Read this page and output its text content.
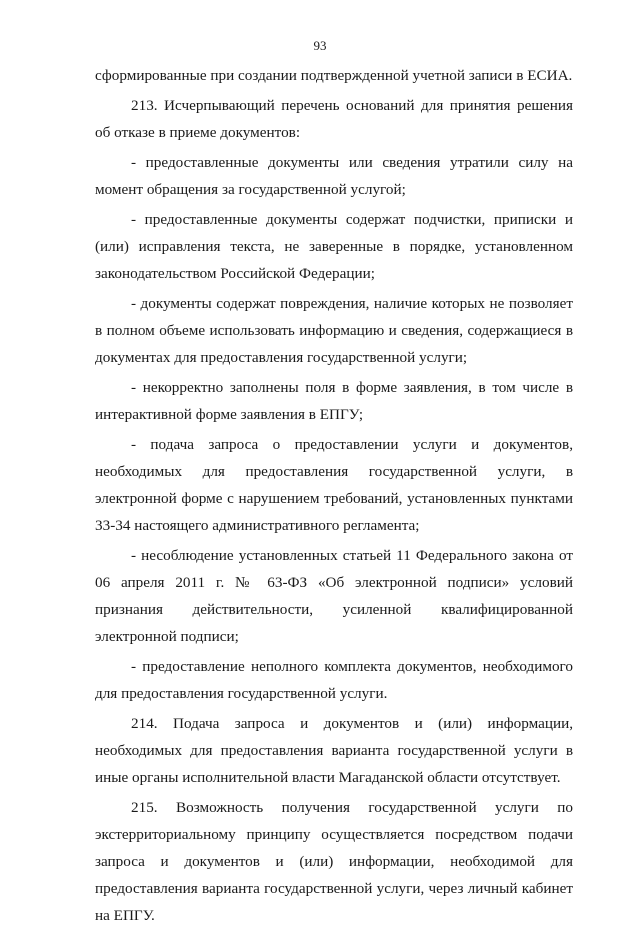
93

сформированные при создании подтвержденной учетной записи в ЕСИА.

213. Исчерпывающий перечень оснований для принятия решения об отказе в приеме документов:

- предоставленные документы или сведения утратили силу на момент обращения за государственной услугой;

- предоставленные документы содержат подчистки, приписки и (или) исправления текста, не заверенные в порядке, установленном законодательством Российской Федерации;

- документы содержат повреждения, наличие которых не позволяет в полном объеме использовать информацию и сведения, содержащиеся в документах для предоставления государственной услуги;

- некорректно заполнены поля в форме заявления, в том числе в интерактивной форме заявления в ЕПГУ;

- подача запроса о предоставлении услуги и документов, необходимых для предоставления государственной услуги, в электронной форме с нарушением требований, установленных пунктами 33-34 настоящего административного регламента;

- несоблюдение установленных статьей 11 Федерального закона от 06 апреля 2011 г. № 63-ФЗ «Об электронной подписи» условий признания действительности, усиленной квалифицированной электронной подписи;

- предоставление неполного комплекта документов, необходимого для предоставления государственной услуги.

214. Подача запроса и документов и (или) информации, необходимых для предоставления варианта государственной услуги в иные органы исполнительной власти Магаданской области отсутствует.

215. Возможность получения государственной услуги по экстерриториальному принципу осуществляется посредством подачи запроса и документов и (или) информации, необходимой для предоставления варианта государственной услуги, через личный кабинет на ЕПГУ.
